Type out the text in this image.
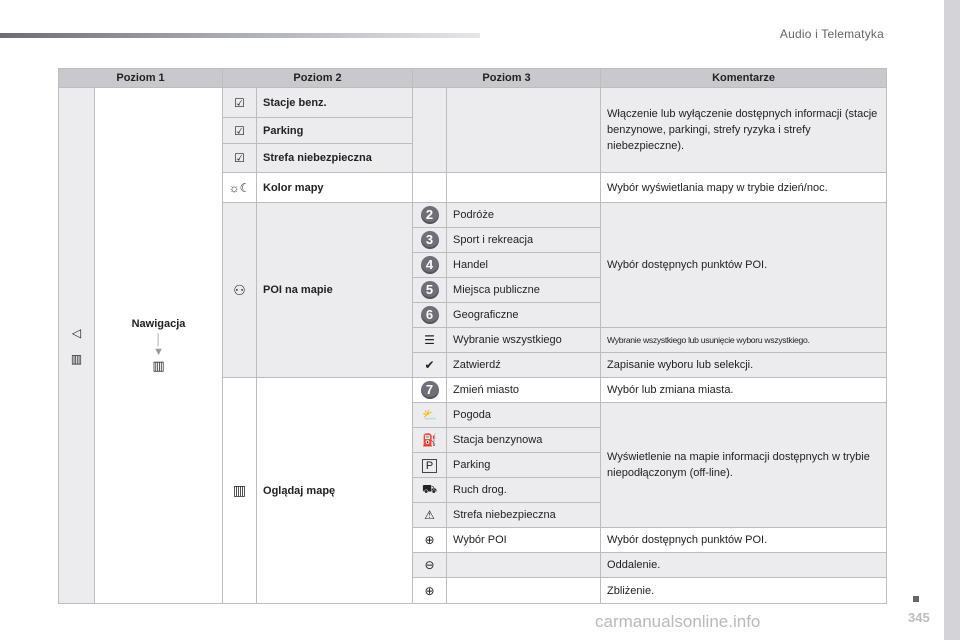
Audio i Telematyka
345
carmanualsonline.info
Poziom 1		Poziom 2		Poziom 3		Komentarze

◁
▥	Nawigacja
│
▼
▥	☑	Stacje benz.			Włączenie lub wyłączenie dostępnych informacji (stacje benzynowe, parkingi, strefy ryzyka i strefy niebezpieczne).
		☑	Parking			
		☑	Strefa niebezpieczna			
		☼☾	Kolor mapy			Wybór wyświetlania mapy w trybie dzień/noc.
		⚇	POI na mapie	2	Podróże	Wybór dostępnych punktów POI.
				3	Sport i rekreacja	
				4	Handel	
				5	Miejsca publiczne	
				6	Geograficzne	
				☰	Wybranie wszystkiego	Wybranie wszystkiego lub usunięcie wyboru wszystkiego.
				✔	Zatwierdź	Zapisanie wyboru lub selekcji.
		▥	Oglądaj mapę	7	Zmień miasto	Wybór lub zmiana miasta.
				⛅	Pogoda	Wyświetlenie na mapie informacji dostępnych w trybie niepodłączonym (off-line).
				⛽	Stacja benzynowa	
				P	Parking	
				⛟	Ruch drog.	
				⚠	Strefa niebezpieczna	
				⊕	Wybór POI	Wybór dostępnych punktów POI.
				⊖		Oddalenie.
				⊕		Zbliżenie.
